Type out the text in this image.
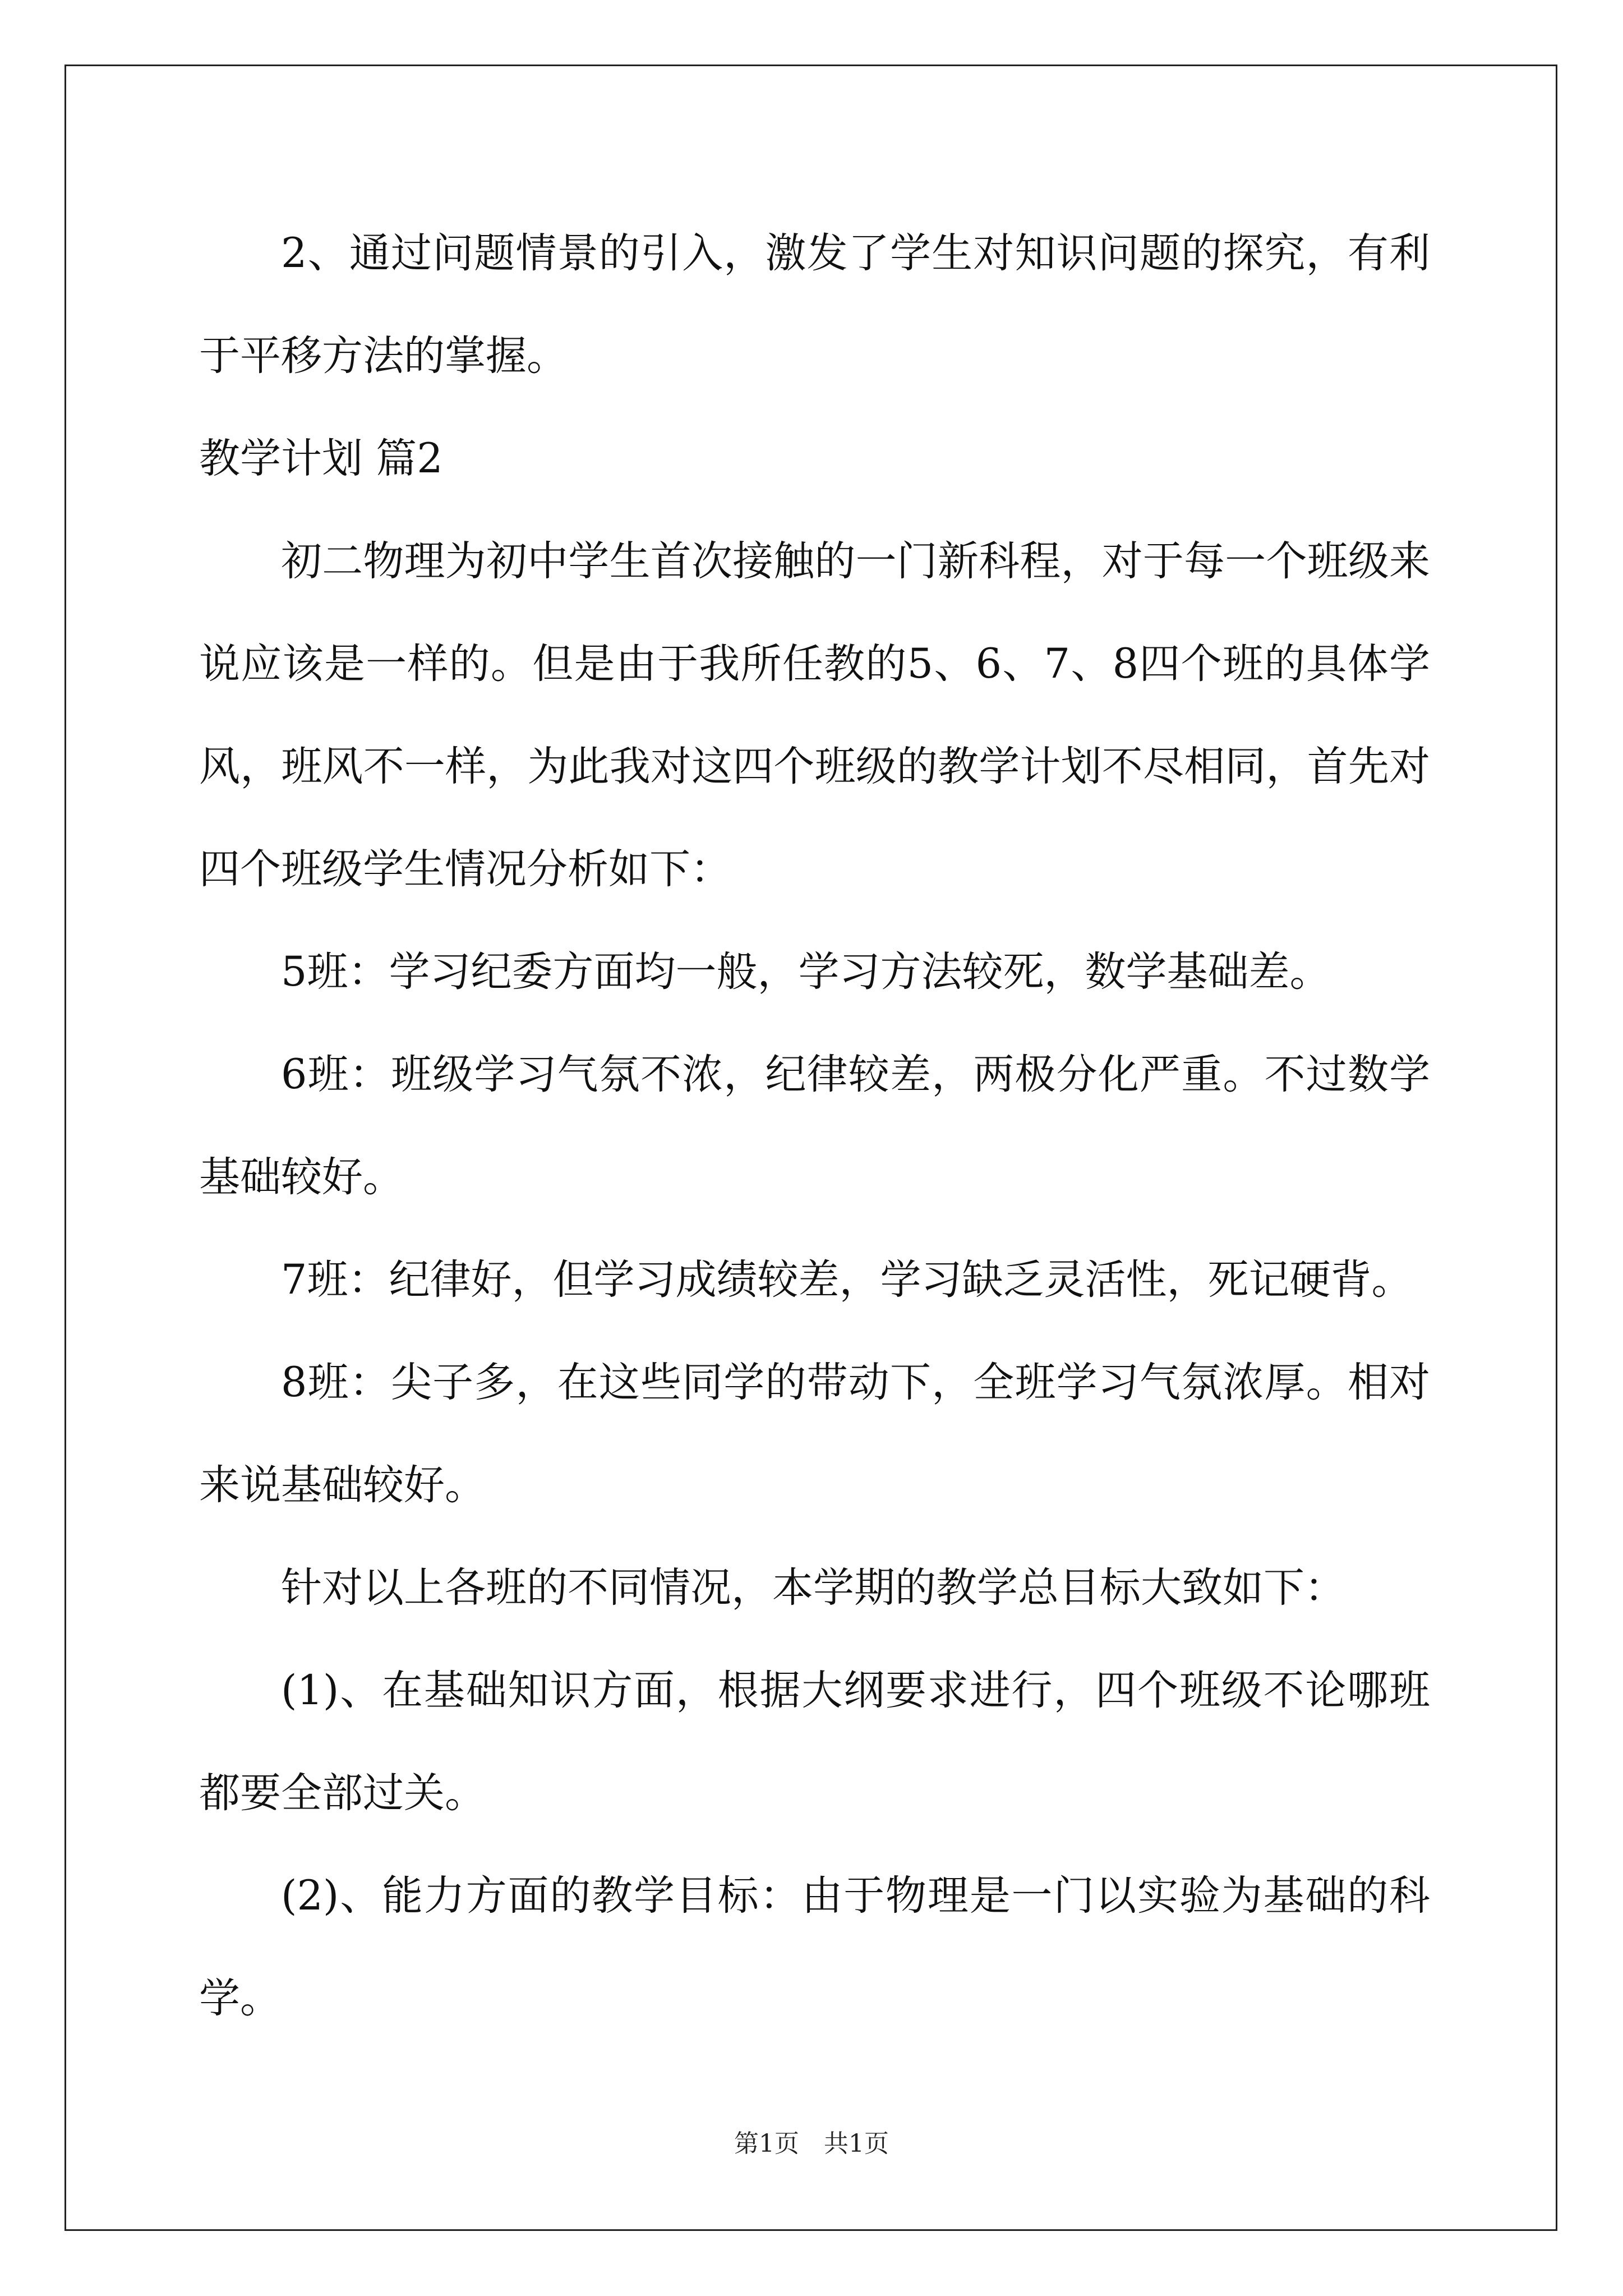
2、通过问题情景的引入，激发了学生对知识问题的探究，有利于平移方法的掌握。

教学计划 篇2

初二物理为初中学生首次接触的一门新科程，对于每一个班级来说应该是一样的。但是由于我所任教的5、6、7、8四个班的具体学风，班风不一样，为此我对这四个班级的教学计划不尽相同，首先对四个班级学生情况分析如下：

5班：学习纪委方面均一般，学习方法较死，数学基础差。

6班：班级学习气氛不浓，纪律较差，两极分化严重。不过数学基础较好。

7班：纪律好，但学习成绩较差，学习缺乏灵活性，死记硬背。

8班：尖子多，在这些同学的带动下，全班学习气氛浓厚。相对来说基础较好。

针对以上各班的不同情况，本学期的教学总目标大致如下：

(1)、在基础知识方面，根据大纲要求进行，四个班级不论哪班都要全部过关。

(2)、能力方面的教学目标：由于物理是一门以实验为基础的科学。

第1页　共1页
